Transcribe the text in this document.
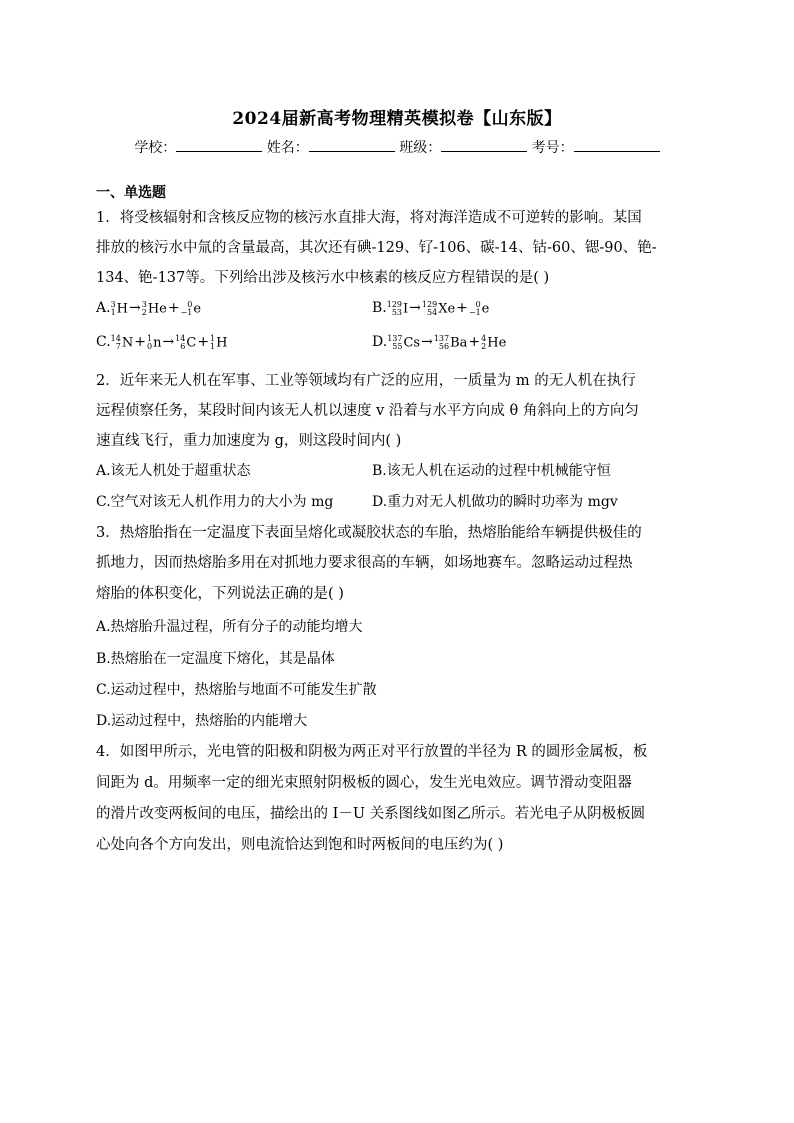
2024届新高考物理精英模拟卷【山东版】
学校：	姓名：	班级：	考号：
一、单选题
1．将受核辐射和含核反应物的核污水直排大海，将对海洋造成不可逆转的影响。某国
排放的核污水中氚的含量最高，其次还有碘-129、钌-106、碳-14、钴-60、锶-90、铯-
134、铯-137等。下列给出涉及核污水中核素的核反应方程错误的是( )
A. 3
1 H→ 3
2 He+ 0
−1 e	B. 129
53 I→ 129
54 Xe+ 0
−1 e
C. 14
7 N+ 1
0 n→ 14
6 C+ 1
1 H	D. 137
55 Cs→ 137
56 Ba+ 4
2 He
2．近年来无人机在军事、工业等领域均有广泛的应用，一质量为 m 的无人机在执行
远程侦察任务，某段时间内该无人机以速度 v 沿着与水平方向成 θ 角斜向上的方向匀
速直线飞行，重力加速度为 g，则这段时间内( )
A.该无人机处于超重状态	B.该无人机在运动的过程中机械能守恒
C.空气对该无人机作用力的大小为 mg	D.重力对无人机做功的瞬时功率为 mgv
3．热熔胎指在一定温度下表面呈熔化或凝胶状态的车胎，热熔胎能给车辆提供极佳的
抓地力，因而热熔胎多用在对抓地力要求很高的车辆，如场地赛车。忽略运动过程热
熔胎的体积变化，下列说法正确的是( )
A.热熔胎升温过程，所有分子的动能均增大
B.热熔胎在一定温度下熔化，其是晶体
C.运动过程中，热熔胎与地面不可能发生扩散
D.运动过程中，热熔胎的内能增大
4．如图甲所示，光电管的阳极和阴极为两正对平行放置的半径为 R 的圆形金属板，板
间距为 d。用频率一定的细光束照射阴极板的圆心，发生光电效应。调节滑动变阻器
的滑片改变两板间的电压，描绘出的 I－U 关系图线如图乙所示。若光电子从阴极板圆
心处向各个方向发出，则电流恰达到饱和时两板间的电压约为( )
